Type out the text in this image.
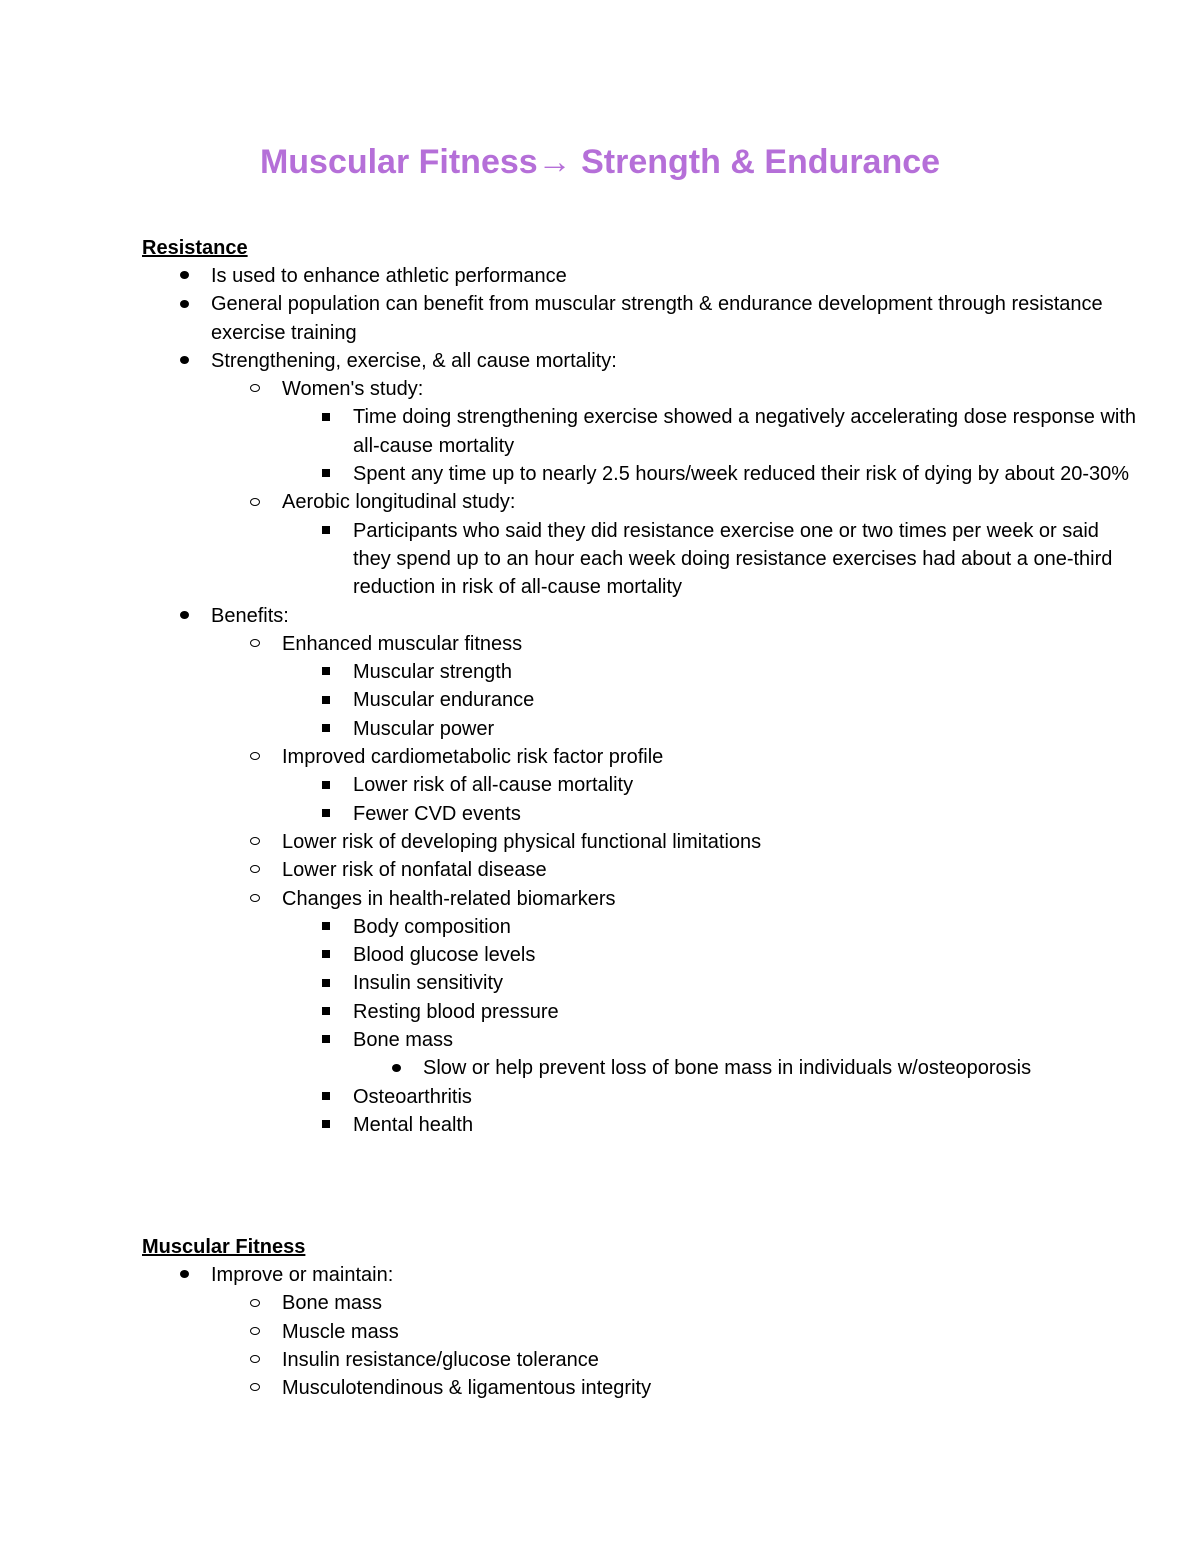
Muscular Fitness→ Strength & Endurance
Resistance
Is used to enhance athletic performance
General population can benefit from muscular strength & endurance development through resistance exercise training
Strengthening, exercise, & all cause mortality:
Women's study:
Time doing strengthening exercise showed a negatively accelerating dose response with all-cause mortality
Spent any time up to nearly 2.5 hours/week reduced their risk of dying by about 20-30%
Aerobic longitudinal study:
Participants who said they did resistance exercise one or two times per week or said they spend up to an hour each week doing resistance exercises had about a one-third reduction in risk of all-cause mortality
Benefits:
Enhanced muscular fitness
Muscular strength
Muscular endurance
Muscular power
Improved cardiometabolic risk factor profile
Lower risk of all-cause mortality
Fewer CVD events
Lower risk of developing physical functional limitations
Lower risk of nonfatal disease
Changes in health-related biomarkers
Body composition
Blood glucose levels
Insulin sensitivity
Resting blood pressure
Bone mass
Slow or help prevent loss of bone mass in individuals w/osteoporosis
Osteoarthritis
Mental health
Muscular Fitness
Improve or maintain:
Bone mass
Muscle mass
Insulin resistance/glucose tolerance
Musculotendinous & ligamentous integrity
